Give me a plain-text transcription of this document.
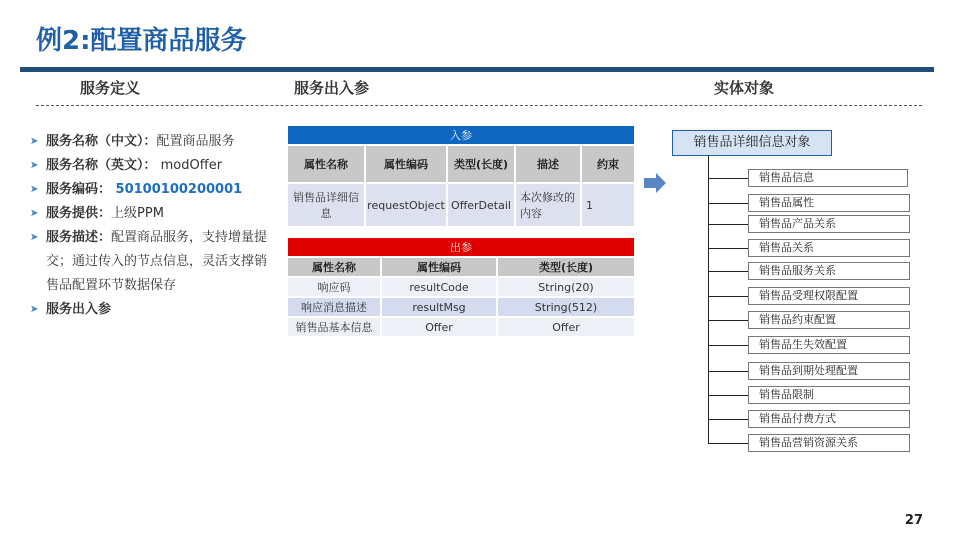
例2:配置商品服务
服务定义	服务出入参	实体对象
➤ 服务名称（中文）：配置商品服务
➤ 服务名称（英文）： modOffer
➤ 服务编码： 50100100200001
➤ 服务提供：上级PPM
➤ 服务描述：配置商品服务，支持增量提交；通过传入的节点信息，灵活支撑销售品配置环节数据保存
➤ 服务出入参
入参				
属性名称	属性编码	类型(长度)	描述	约束
销售品详细信息	requestObject	OfferDetail	本次修改的内容	1
出参		
属性名称	属性编码	类型(长度)
响应码	resultCode	String(20)
响应消息描述	resultMsg	String(512)
销售品基本信息	Offer	Offer
销售品详细信息对象
销售品信息
销售品属性
销售品产品关系
销售品关系
销售品服务关系
销售品受理权限配置
销售品约束配置
销售品生失效配置
销售品到期处理配置
销售品限制
销售品付费方式
销售品营销资源关系
27
